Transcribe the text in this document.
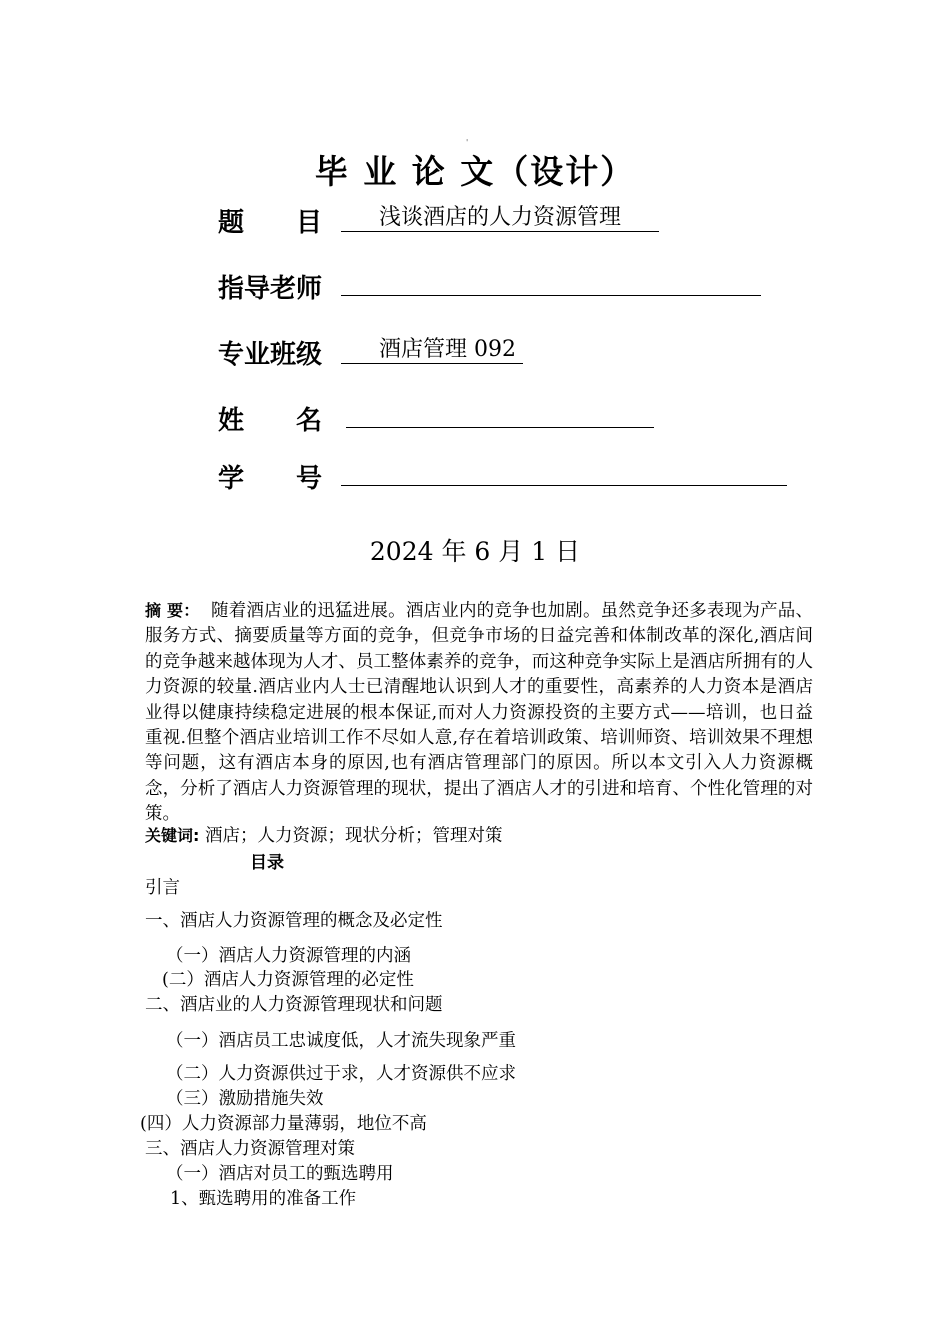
'
毕 业 论 文（设计）
题　　目	浅谈酒店的人力资源管理
指导老师
专业班级	酒店管理 092
姓　　名
学　　号
2024 年 6 月 1 日
摘 要： 随着酒店业的迅猛进展。酒店业内的竞争也加剧。虽然竞争还多表现为产品、服务方式、摘要质量等方面的竞争，但竞争市场的日益完善和体制改革的深化,酒店间的竞争越来越体现为人才、员工整体素养的竞争，而这种竞争实际上是酒店所拥有的人力资源的较量.酒店业内人士已清醒地认识到人才的重要性，高素养的人力资本是酒店业得以健康持续稳定进展的根本保证,而对人力资源投资的主要方式——培训，也日益重视.但整个酒店业培训工作不尽如人意,存在着培训政策、培训师资、培训效果不理想等问题，这有酒店本身的原因,也有酒店管理部门的原因。所以本文引入人力资源概念，分析了酒店人力资源管理的现状，提出了酒店人才的引进和培育、个性化管理的对策。
关键词: 酒店；人力资源；现状分析；管理对策
目录
引言
一、酒店人力资源管理的概念及必定性
（一）酒店人力资源管理的内涵
(二）酒店人力资源管理的必定性
二、酒店业的人力资源管理现状和问题
（一）酒店员工忠诚度低，人才流失现象严重
（二）人力资源供过于求，人才资源供不应求
（三）激励措施失效
(四）人力资源部力量薄弱，地位不高
三、酒店人力资源管理对策
（一）酒店对员工的甄选聘用
1、甄选聘用的准备工作
